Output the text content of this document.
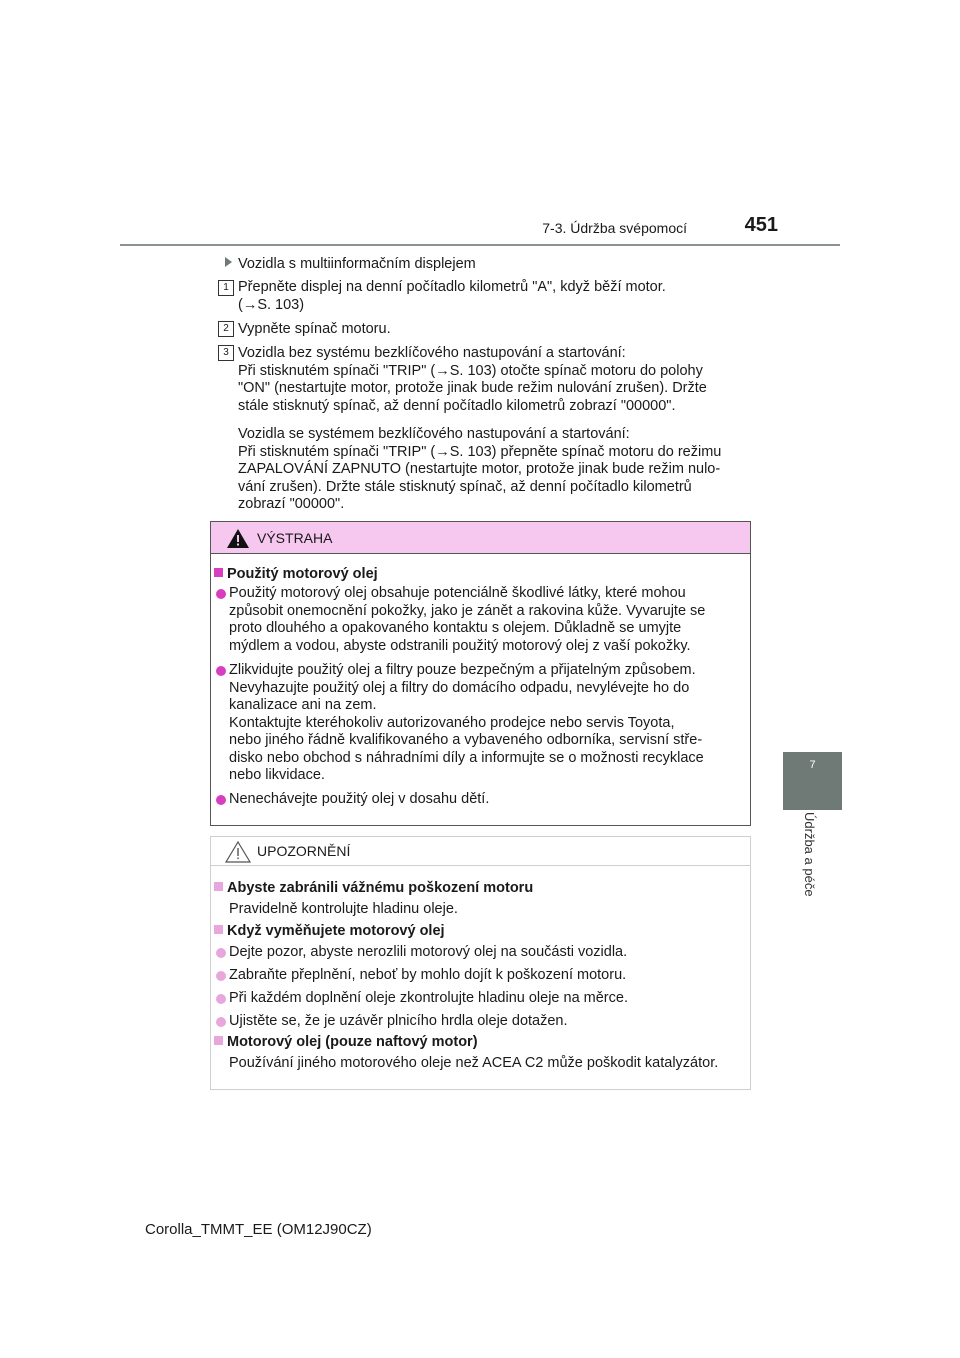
7-3. Údržba svépomocí	451
7
Údržba a péče
Vozidla s multiinformačním displejem
1 Přepněte displej na denní počítadlo kilometrů "A", když běží motor.
(→S. 103)
2 Vypněte spínač motoru.
3 Vozidla bez systému bezklíčového nastupování a startování:
Při stisknutém spínači "TRIP" (→S. 103) otočte spínač motoru do polohy
"ON" (nestartujte motor, protože jinak bude režim nulování zrušen). Držte
stále stisknutý spínač, až denní počítadlo kilometrů zobrazí "00000".
Vozidla se systémem bezklíčového nastupování a startování:
Při stisknutém spínači "TRIP" (→S. 103) přepněte spínač motoru do režimu
ZAPALOVÁNÍ ZAPNUTO (nestartujte motor, protože jinak bude režim nulo-
vání zrušen). Držte stále stisknutý spínač, až denní počítadlo kilometrů
zobrazí "00000".
VÝSTRAHA
Použitý motorový olej
Použitý motorový olej obsahuje potenciálně škodlivé látky, které mohou
způsobit onemocnění pokožky, jako je zánět a rakovina kůže. Vyvarujte se
proto dlouhého a opakovaného kontaktu s olejem. Důkladně se umyjte
mýdlem a vodou, abyste odstranili použitý motorový olej z vaší pokožky.
Zlikvidujte použitý olej a filtry pouze bezpečným a přijatelným způsobem.
Nevyhazujte použitý olej a filtry do domácího odpadu, nevylévejte ho do
kanalizace ani na zem.
Kontaktujte kteréhokoliv autorizovaného prodejce nebo servis Toyota,
nebo jiného řádně kvalifikovaného a vybaveného odborníka, servisní stře-
disko nebo obchod s náhradními díly a informujte se o možnosti recyklace
nebo likvidace.
Nenechávejte použitý olej v dosahu dětí.
UPOZORNĚNÍ
Abyste zabránili vážnému poškození motoru
Pravidelně kontrolujte hladinu oleje.
Když vyměňujete motorový olej
Dejte pozor, abyste nerozlili motorový olej na součásti vozidla.
Zabraňte přeplnění, neboť by mohlo dojít k poškození motoru.
Při každém doplnění oleje zkontrolujte hladinu oleje na měrce.
Ujistěte se, že je uzávěr plnicího hrdla oleje dotažen.
Motorový olej (pouze naftový motor)
Používání jiného motorového oleje než ACEA C2 může poškodit katalyzátor.
Corolla_TMMT_EE (OM12J90CZ)
